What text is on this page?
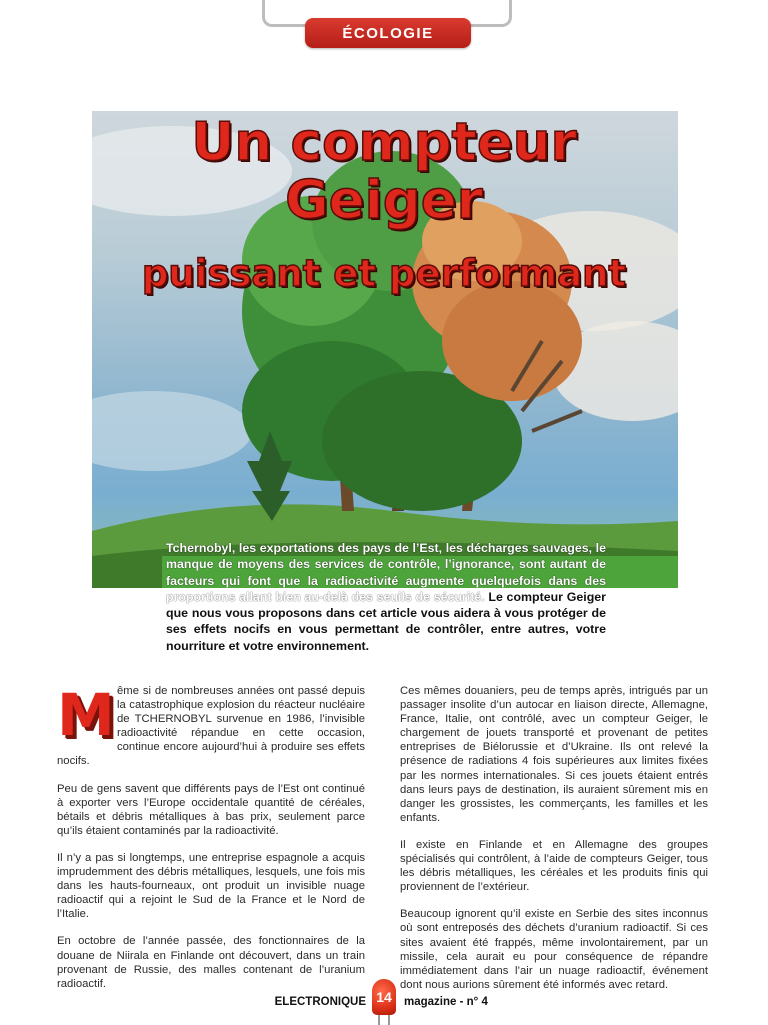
ÉCOLOGIE
Un compteur
Geiger
puissant et performant
Tchernobyl, les exportations des pays de l’Est, les décharges sauvages, le manque de moyens des services de contrôle, l’ignorance, sont autant de facteurs qui font que la radioactivité augmente quelquefois dans des proportions allant bien au-delà des seuils de sécurité. Le compteur Geiger que nous vous proposons dans cet article vous aidera à vous protéger de ses effets nocifs en vous permettant de contrôler, entre autres, votre nourriture et votre environnement.

Même si de nombreuses années ont passé depuis la catastrophique explosion du réacteur nucléaire de TCHERNOBYL survenue en 1986, l’invisible radioactivité répandue en cette occasion, continue encore aujourd’hui à produire ses effets nocifs.

Peu de gens savent que différents pays de l’Est ont continué à exporter vers l’Europe occidentale quantité de céréales, bétails et débris métalliques à bas prix, seulement parce qu’ils étaient contaminés par la radioactivité.

Il n’y a pas si longtemps, une entreprise espagnole a acquis imprudemment des débris métalliques, lesquels, une fois mis dans les hauts-fourneaux, ont produit un invisible nuage radioactif qui a rejoint le Sud de la France et le Nord de l’Italie.

En octobre de l’année passée, des fonctionnaires de la douane de Niirala en Finlande ont découvert, dans un train provenant de Russie, des malles contenant de l’uranium radioactif.

Ces mêmes douaniers, peu de temps après, intrigués par un passager insolite d’un autocar en liaison directe, Allemagne, France, Italie, ont contrôlé, avec un compteur Geiger, le chargement de jouets transporté et provenant de petites entreprises de Biélorussie et d’Ukraine. Ils ont relevé la présence de radiations 4 fois supérieures aux limites fixées par les normes internationales. Si ces jouets étaient entrés dans leurs pays de destination, ils auraient sûrement mis en danger les grossistes, les commerçants, les familles et les enfants.

Il existe en Finlande et en Allemagne des groupes spécialisés qui contrôlent, à l’aide de compteurs Geiger, tous les débris métalliques, les céréales et les produits finis qui proviennent de l’extérieur.

Beaucoup ignorent qu’il existe en Serbie des sites inconnus où sont entreposés des déchets d’uranium radioactif. Si ces sites avaient été frappés, même involontairement, par un missile, cela aurait eu pour conséquence de répandre immédiatement dans l’air un nuage radioactif, événement dont nous aurions sûrement été informés avec retard.

ELECTRONIQUE 14 magazine - n° 4
